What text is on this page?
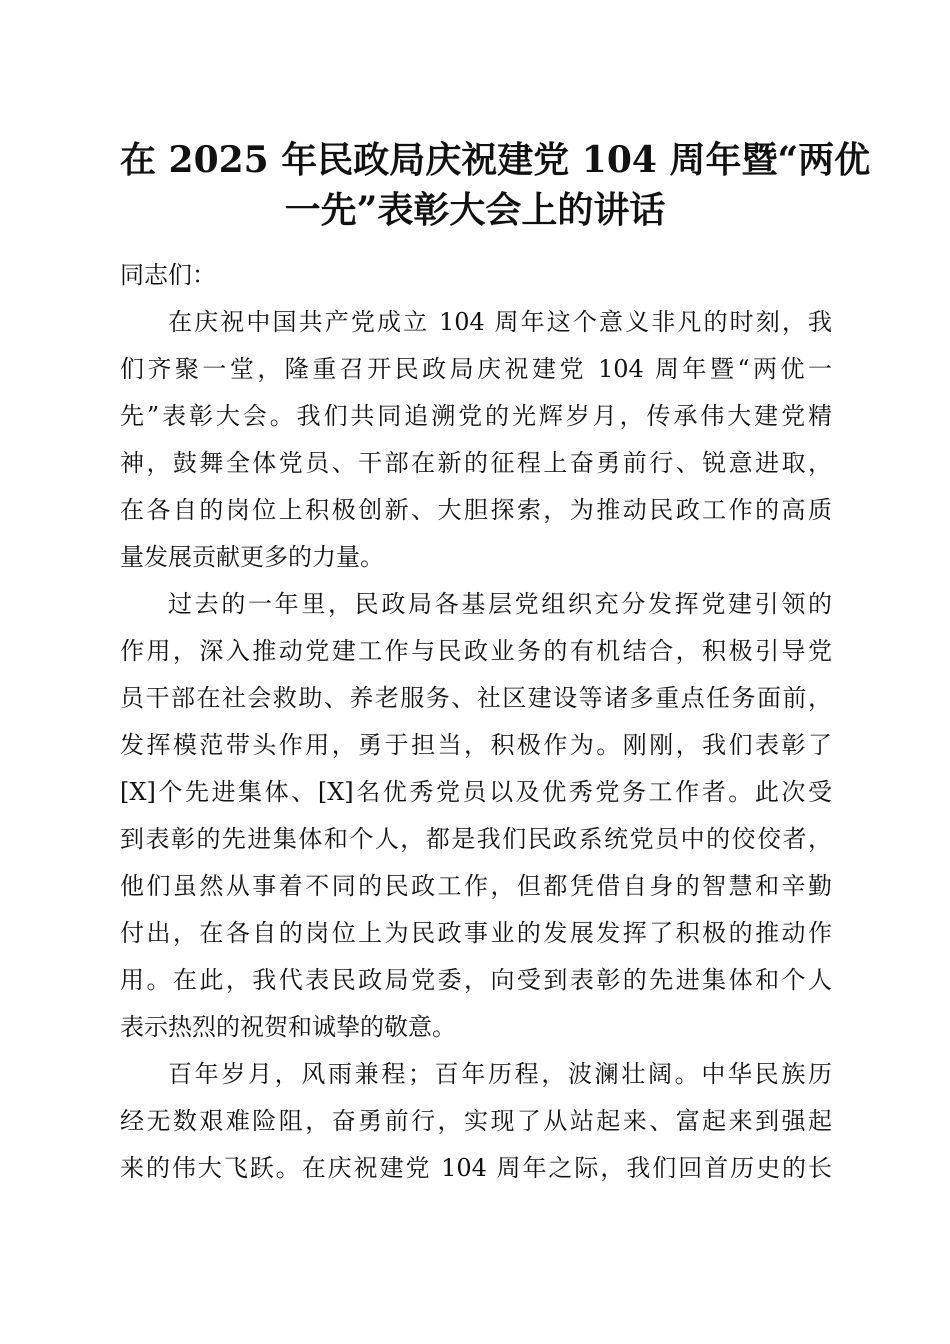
在 2025 年民政局庆祝建党 104 周年暨“两优
一先”表彰大会上的讲话

同志们：

在庆祝中国共产党成立 104 周年这个意义非凡的时刻，我
们齐聚一堂，隆重召开民政局庆祝建党 104 周年暨“两优一
先”表彰大会。我们共同追溯党的光辉岁月，传承伟大建党精
神，鼓舞全体党员、干部在新的征程上奋勇前行、锐意进取，
在各自的岗位上积极创新、大胆探索，为推动民政工作的高质
量发展贡献更多的力量。

过去的一年里，民政局各基层党组织充分发挥党建引领的
作用，深入推动党建工作与民政业务的有机结合，积极引导党
员干部在社会救助、养老服务、社区建设等诸多重点任务面前，
发挥模范带头作用，勇于担当，积极作为。刚刚，我们表彰了
[X]个先进集体、[X]名优秀党员以及优秀党务工作者。此次受
到表彰的先进集体和个人，都是我们民政系统党员中的佼佼者，
他们虽然从事着不同的民政工作，但都凭借自身的智慧和辛勤
付出，在各自的岗位上为民政事业的发展发挥了积极的推动作
用。在此，我代表民政局党委，向受到表彰的先进集体和个人
表示热烈的祝贺和诚挚的敬意。

百年岁月，风雨兼程；百年历程，波澜壮阔。中华民族历
经无数艰难险阻，奋勇前行，实现了从站起来、富起来到强起
来的伟大飞跃。在庆祝建党 104 周年之际，我们回首历史的长
